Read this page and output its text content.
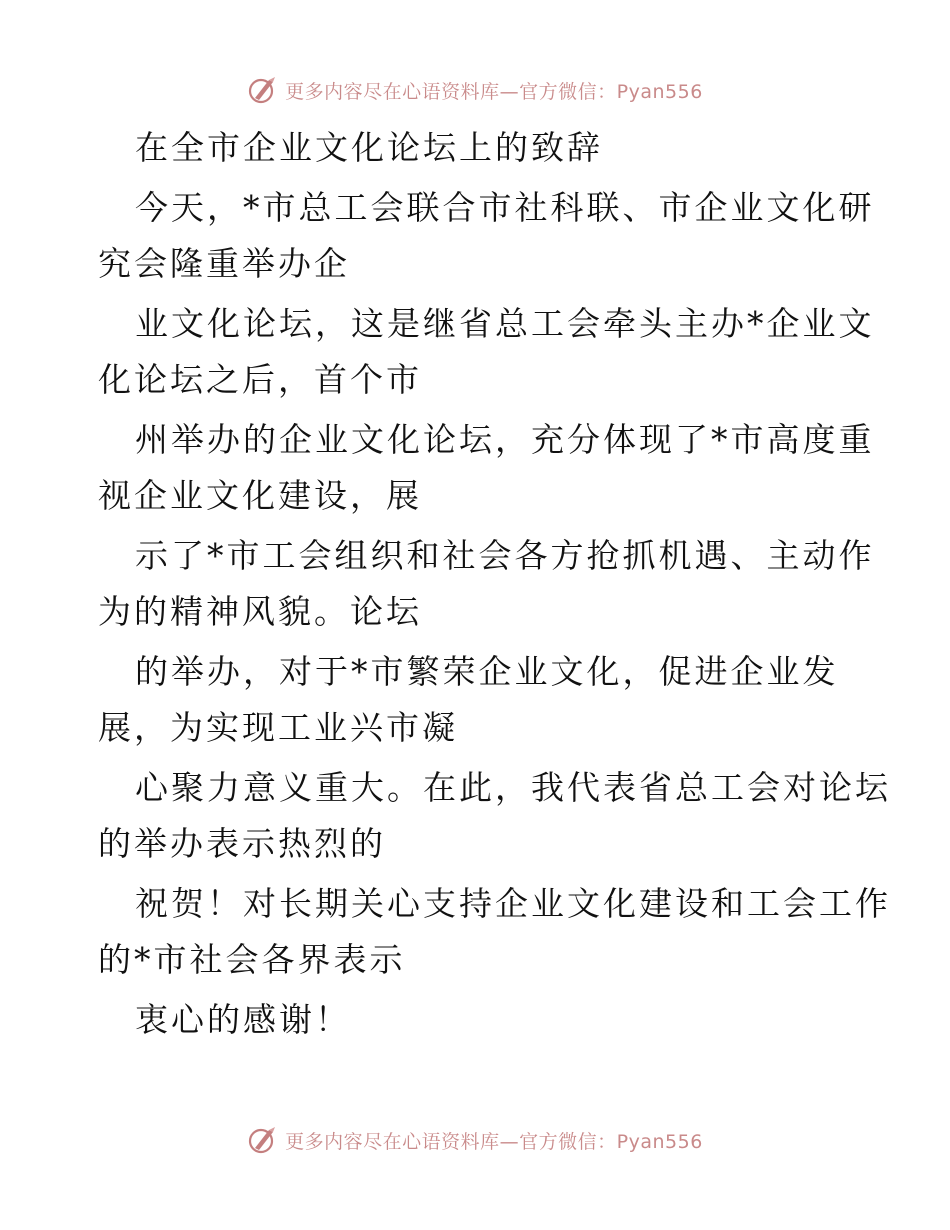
更多内容尽在心语资料库—官方微信：Pyan556
在全市企业文化论坛上的致辞
今天，*市总工会联合市社科联、市企业文化研
究会隆重举办企
业文化论坛，这是继省总工会牵头主办*企业文
化论坛之后，首个市
州举办的企业文化论坛，充分体现了*市高度重
视企业文化建设，展
示了*市工会组织和社会各方抢抓机遇、主动作
为的精神风貌。论坛
的举办，对于*市繁荣企业文化，促进企业发
展，为实现工业兴市凝
心聚力意义重大。在此，我代表省总工会对论坛
的举办表示热烈的
祝贺！对长期关心支持企业文化建设和工会工作
的*市社会各界表示
衷心的感谢！
更多内容尽在心语资料库—官方微信：Pyan556
